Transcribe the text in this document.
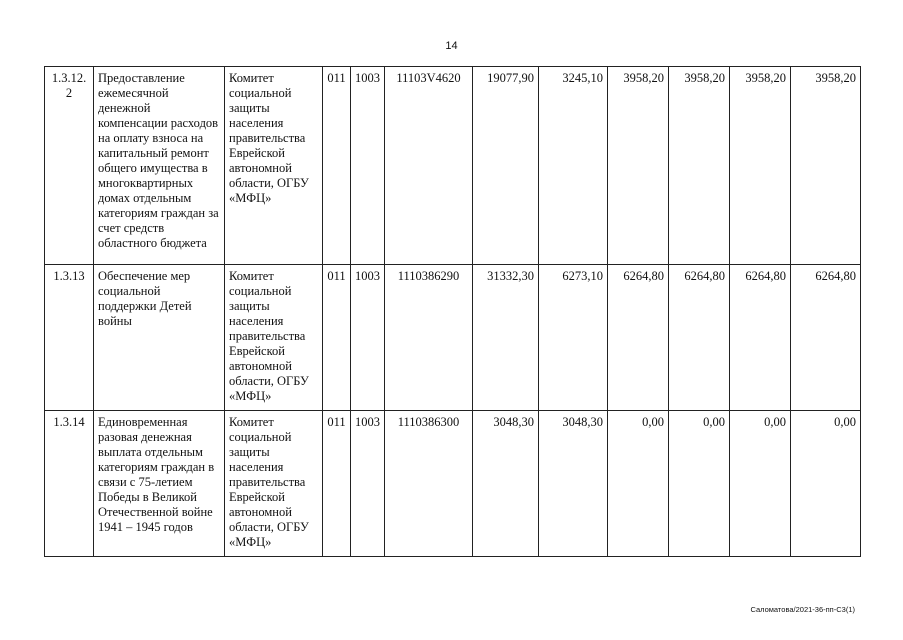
14
1.3.12.2	Предоставление ежемесячной денежной компенсации расходов на оплату взноса на капитальный ремонт общего имущества в многоквартирных домах отдельным категориям граждан за счет средств областного бюджета	Комитет социальной защиты населения правительства Еврейской автономной области, ОГБУ «МФЦ»	011	1003	11103V4620	19077,90	3245,10	3958,20	3958,20	3958,20	3958,20
1.3.13	Обеспечение мер социальной поддержки Детей войны	Комитет социальной защиты населения правительства Еврейской автономной области, ОГБУ «МФЦ»	011	1003	1110386290	31332,30	6273,10	6264,80	6264,80	6264,80	6264,80
1.3.14	Единовременная разовая денежная выплата отдельным категориям граждан в связи с 75-летием Победы в Великой Отечественной войне 1941 – 1945 годов	Комитет социальной защиты населения правительства Еврейской автономной области, ОГБУ «МФЦ»	011	1003	1110386300	3048,30	3048,30	0,00	0,00	0,00	0,00
Саломатова/2021-36-пп-С3(1)
